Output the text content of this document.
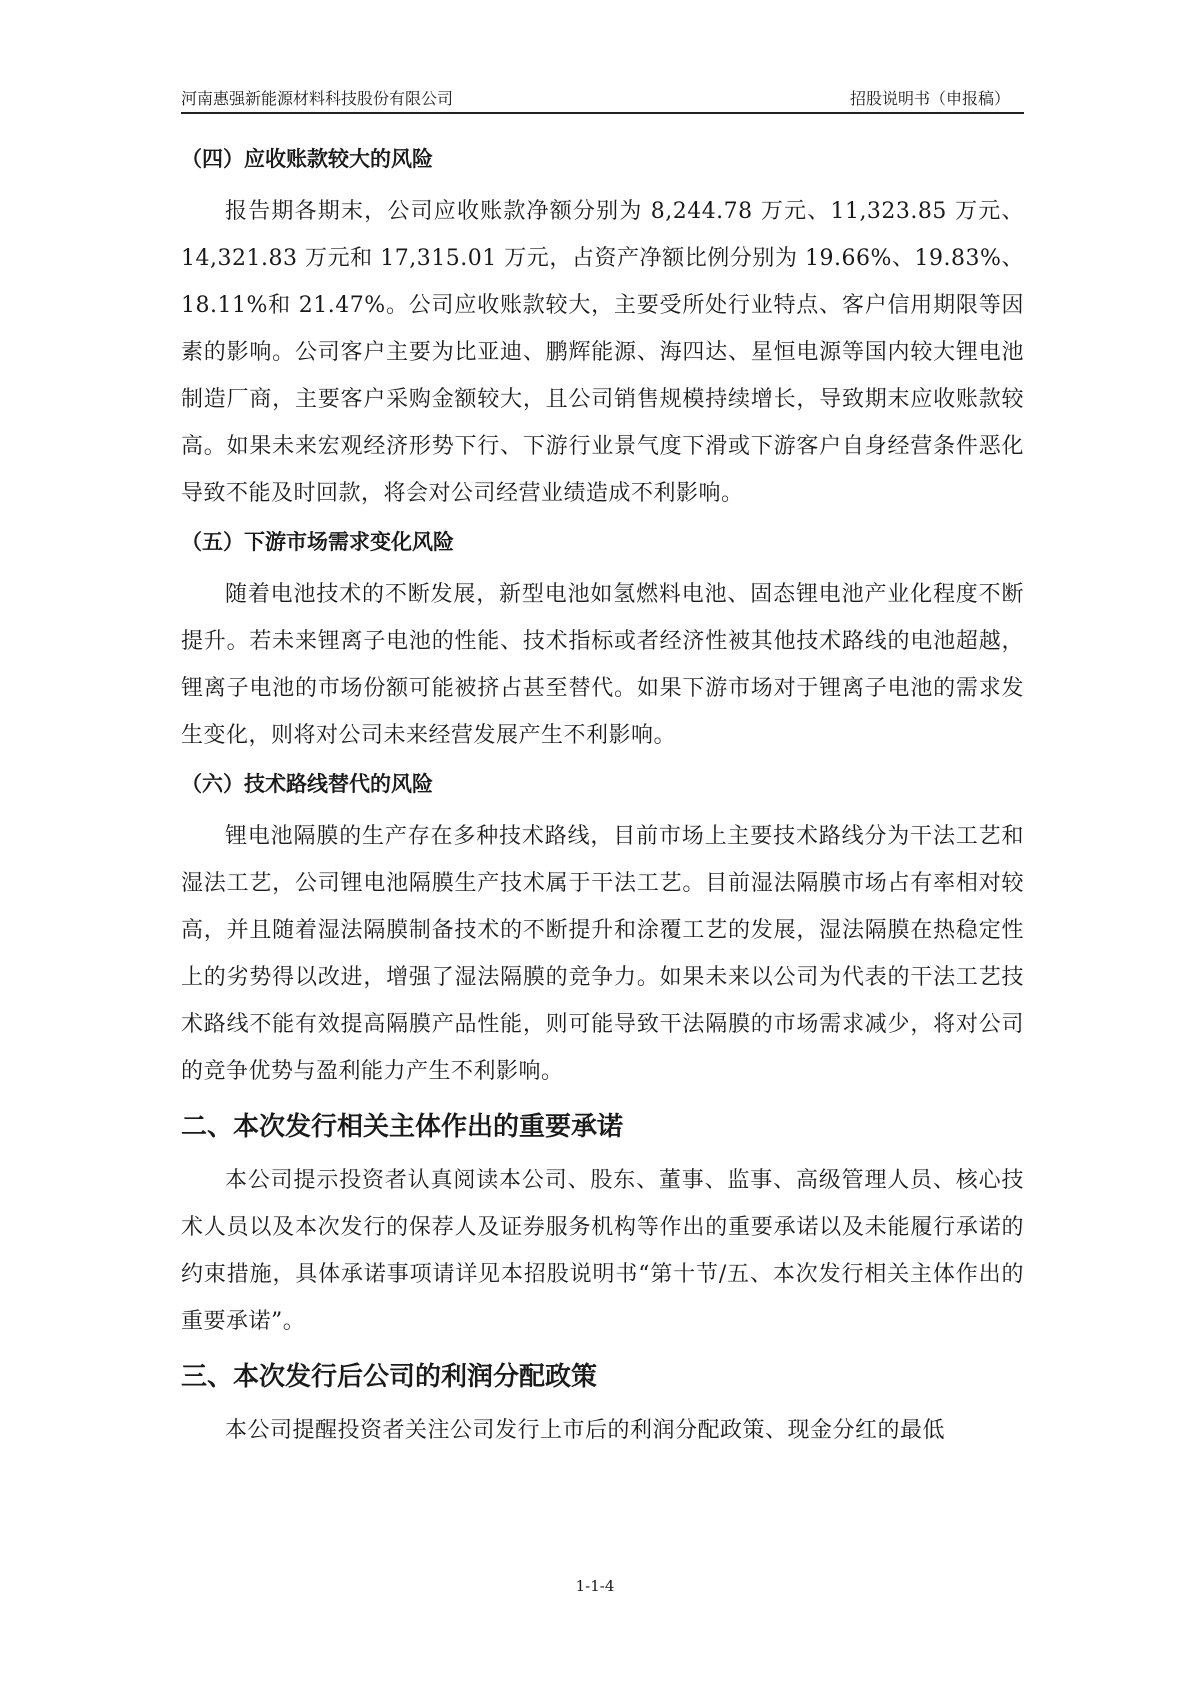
河南惠强新能源材料科技股份有限公司	招股说明书（申报稿）
（四）应收账款较大的风险

报告期各期末，公司应收账款净额分别为 8,244.78 万元、11,323.85 万元、14,321.83 万元和 17,315.01 万元，占资产净额比例分别为 19.66%、19.83%、18.11%和 21.47%。公司应收账款较大，主要受所处行业特点、客户信用期限等因素的影响。公司客户主要为比亚迪、鹏辉能源、海四达、星恒电源等国内较大锂电池制造厂商，主要客户采购金额较大，且公司销售规模持续增长，导致期末应收账款较高。如果未来宏观经济形势下行、下游行业景气度下滑或下游客户自身经营条件恶化导致不能及时回款，将会对公司经营业绩造成不利影响。

（五）下游市场需求变化风险

随着电池技术的不断发展，新型电池如氢燃料电池、固态锂电池产业化程度不断提升。若未来锂离子电池的性能、技术指标或者经济性被其他技术路线的电池超越，锂离子电池的市场份额可能被挤占甚至替代。如果下游市场对于锂离子电池的需求发生变化，则将对公司未来经营发展产生不利影响。

（六）技术路线替代的风险

锂电池隔膜的生产存在多种技术路线，目前市场上主要技术路线分为干法工艺和湿法工艺，公司锂电池隔膜生产技术属于干法工艺。目前湿法隔膜市场占有率相对较高，并且随着湿法隔膜制备技术的不断提升和涂覆工艺的发展，湿法隔膜在热稳定性上的劣势得以改进，增强了湿法隔膜的竞争力。如果未来以公司为代表的干法工艺技术路线不能有效提高隔膜产品性能，则可能导致干法隔膜的市场需求减少，将对公司的竞争优势与盈利能力产生不利影响。

二、本次发行相关主体作出的重要承诺

本公司提示投资者认真阅读本公司、股东、董事、监事、高级管理人员、核心技术人员以及本次发行的保荐人及证券服务机构等作出的重要承诺以及未能履行承诺的约束措施，具体承诺事项请详见本招股说明书“第十节/五、本次发行相关主体作出的重要承诺”。

三、本次发行后公司的利润分配政策

本公司提醒投资者关注公司发行上市后的利润分配政策、现金分红的最低

1-1-4
